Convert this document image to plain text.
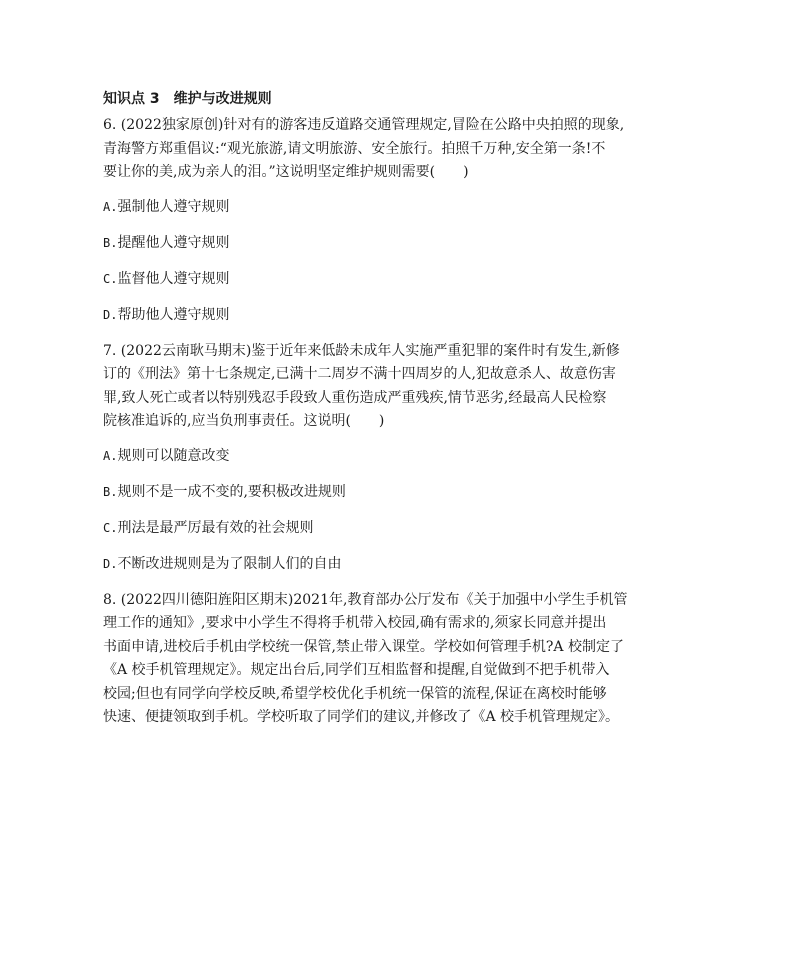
知识点 3　维护与改进规则
6. (2022独家原创)针对有的游客违反道路交通管理规定,冒险在公路中央拍照的现象,
青海警方郑重倡议:“观光旅游,请文明旅游、安全旅行。拍照千万种,安全第一条!不
要让你的美,成为亲人的泪。”这说明坚定维护规则需要(　　)
A.强制他人遵守规则
B.提醒他人遵守规则
C.监督他人遵守规则
D.帮助他人遵守规则
7. (2022云南耿马期末)鉴于近年来低龄未成年人实施严重犯罪的案件时有发生,新修
订的《刑法》第十七条规定,已满十二周岁不满十四周岁的人,犯故意杀人、故意伤害
罪,致人死亡或者以特别残忍手段致人重伤造成严重残疾,情节恶劣,经最高人民检察
院核准追诉的,应当负刑事责任。这说明(　　)
A.规则可以随意改变
B.规则不是一成不变的,要积极改进规则
C.刑法是最严厉最有效的社会规则
D.不断改进规则是为了限制人们的自由
8. (2022四川德阳旌阳区期末)2021年,教育部办公厅发布《关于加强中小学生手机管
理工作的通知》,要求中小学生不得将手机带入校园,确有需求的,须家长同意并提出
书面申请,进校后手机由学校统一保管,禁止带入课堂。学校如何管理手机?A 校制定了
《A 校手机管理规定》。规定出台后,同学们互相监督和提醒,自觉做到不把手机带入
校园;但也有同学向学校反映,希望学校优化手机统一保管的流程,保证在离校时能够
快速、便捷领取到手机。学校听取了同学们的建议,并修改了《A 校手机管理规定》。
